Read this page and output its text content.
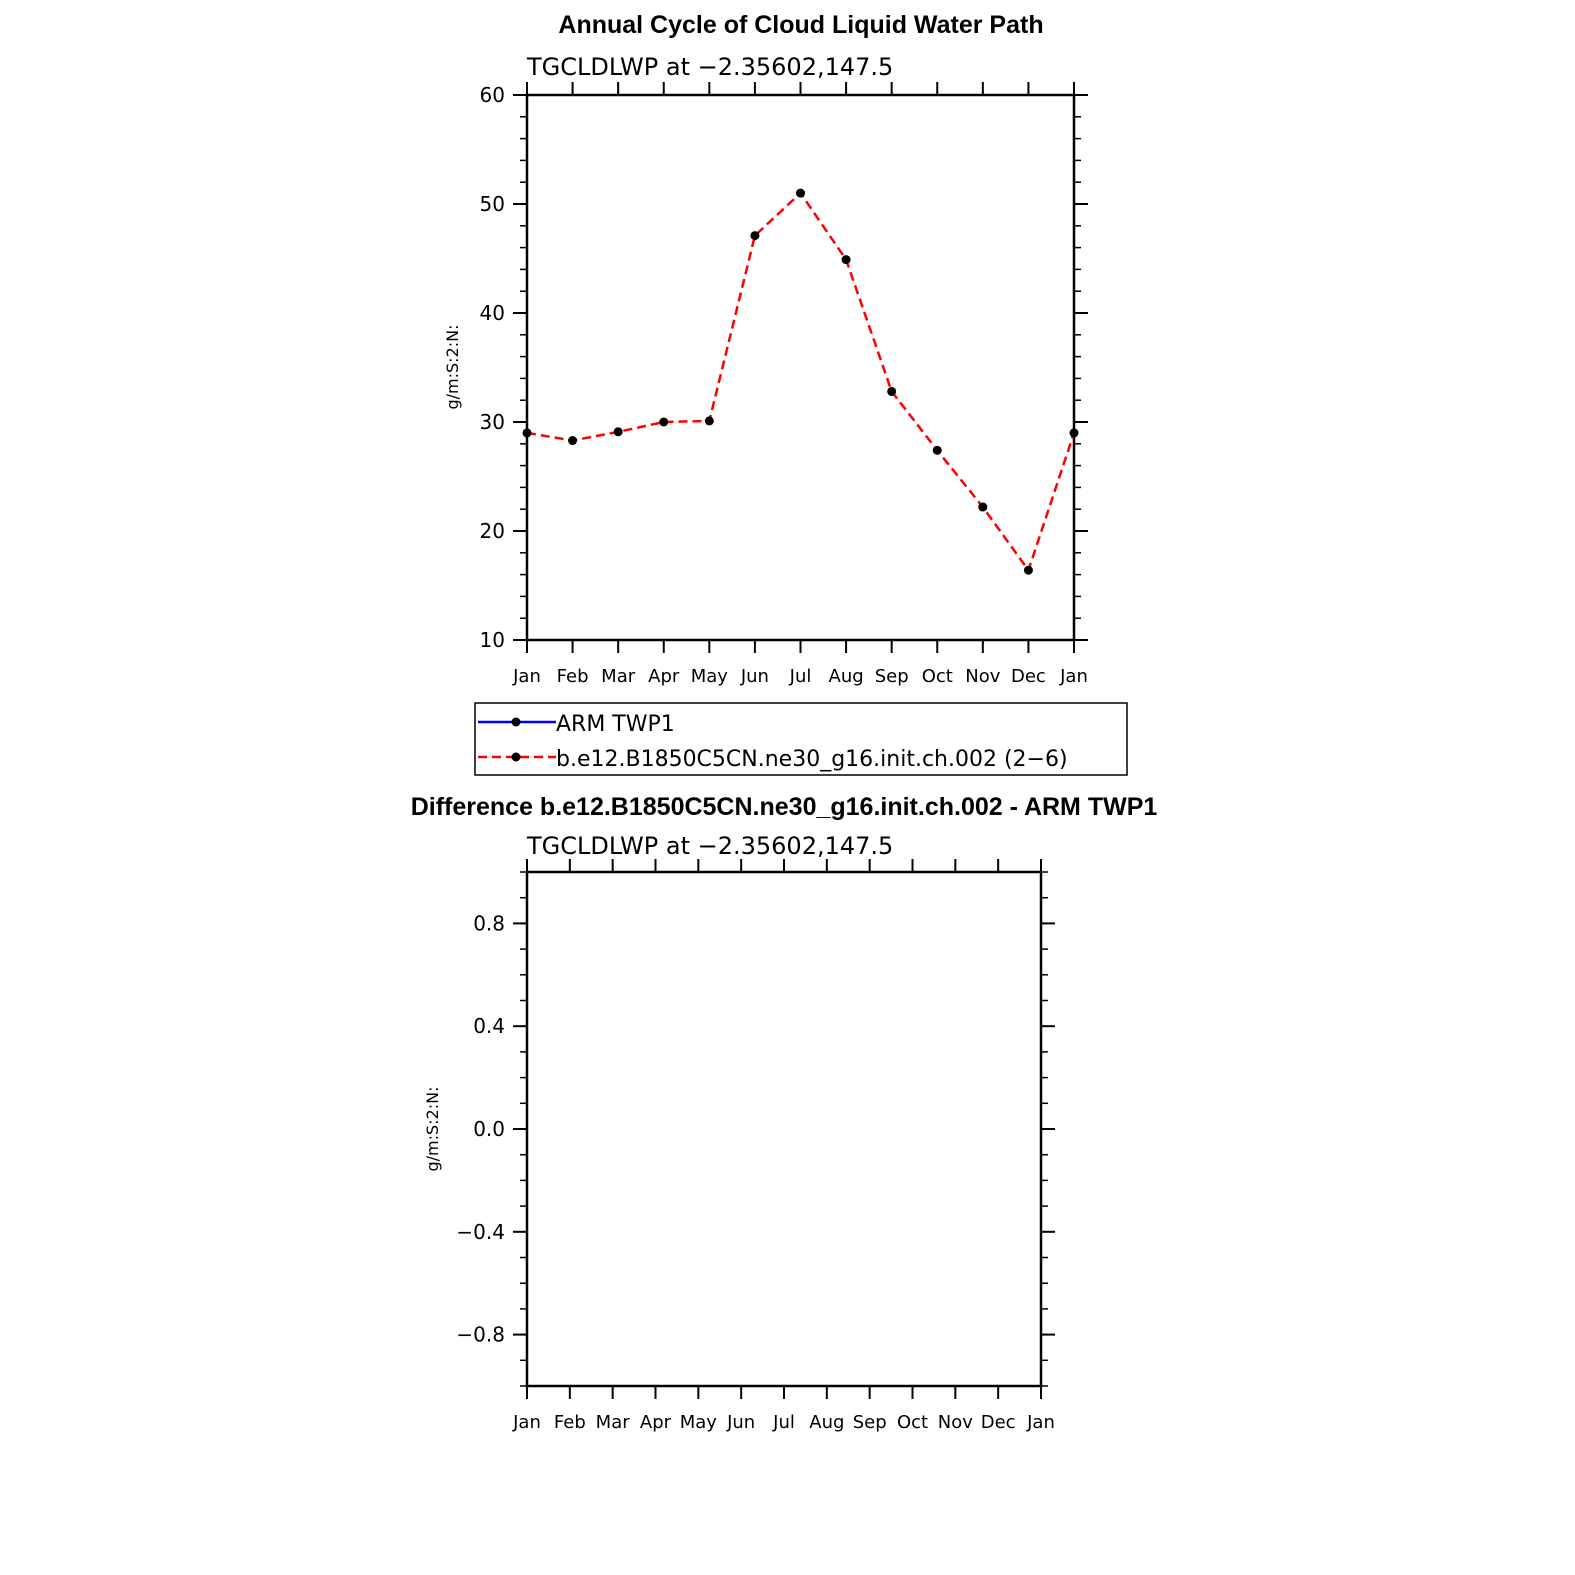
Annual Cycle of Cloud Liquid Water Path
TGCLDLWP at −2.35602,147.5
g/m:S:2:N:
ARM TWP1
b.e12.B1850C5CN.ne30_g16.init.ch.002 (2−6)
Difference b.e12.B1850C5CN.ne30_g16.init.ch.002 - ARM TWP1
TGCLDLWP at −2.35602,147.5
g/m:S:2:N:
Jan Feb Mar Apr May Jun Jul Aug Sep Oct Nov Dec Jan
10
20
30
40
50
60
Jan Feb Mar Apr May Jun Jul Aug Sep Oct Nov Dec Jan
−0.8
−0.4
0.0
0.4
0.8
